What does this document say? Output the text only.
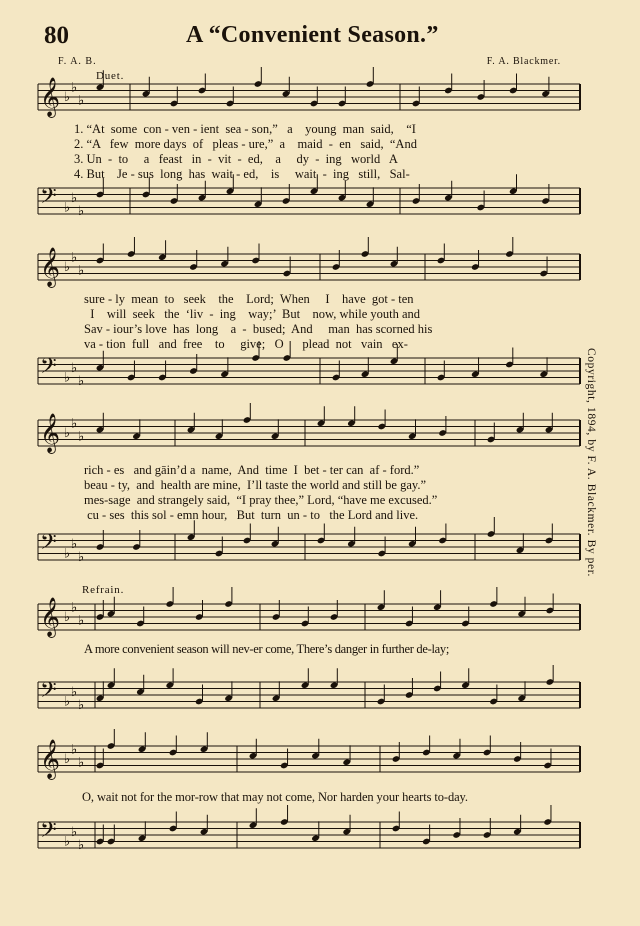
80	A “Convenient Season.”
F. A. B.	F. A. Blackmer.
Duet.
Refrain.
𝄞 ♭
♭
♭
𝄢 ♭
♭
♭
𝄞 ♭
♭
♭
𝄢 ♭
♭
♭
𝄞 ♭
♭
♭
𝄢 ♭
♭
♭
𝄞 ♭
♭
♭
𝄢 ♭
♭
♭
𝄞 ♭
♭
♭
𝄢 ♭
♭
♭
1. “At  some  con - ven - ient  sea - son,”   a    young  man  said,    “I
2. “A   few  more days  of   pleas - ure,”  a    maid  -  en   said,  “And
3. Un  -  to     a   feast   in  -  vit  -  ed,    a     dy  -  ing   world   A
4. But    Je - sus  long  has  wait - ed,    is     wait  -  ing   still,   Sal-
sure - ly  mean  to   seek    the    Lord;  When     I    have  got - ten
I    will  seek   the  ‘liv  -  ing    way;’  But    now, while youth and
Sav - iour’s love  has  long    a  -  bused;  And     man  has scorned his
va - tion  full   and  free    to     give;   O      plead  not   vain   ex-
rich - es   and gāin’d a  name,  And  time  I  bet - ter can  af - ford.”
beau - ty,  and  health are mine,  I’ll taste the world and still be gay.”
mes-sage  and strangely said,  “I pray thee,” Lord, “have me excused.”
cu - ses  this sol - emn hour,   But  turn  un - to   the Lord and live.
A more convenient season will nev-er come, There’s danger in further de-lay;
O, wait not for the mor-row that may not come, Nor harden your hearts to-day.
Copyright, 1894, by F. A. Blackmer. By per.
